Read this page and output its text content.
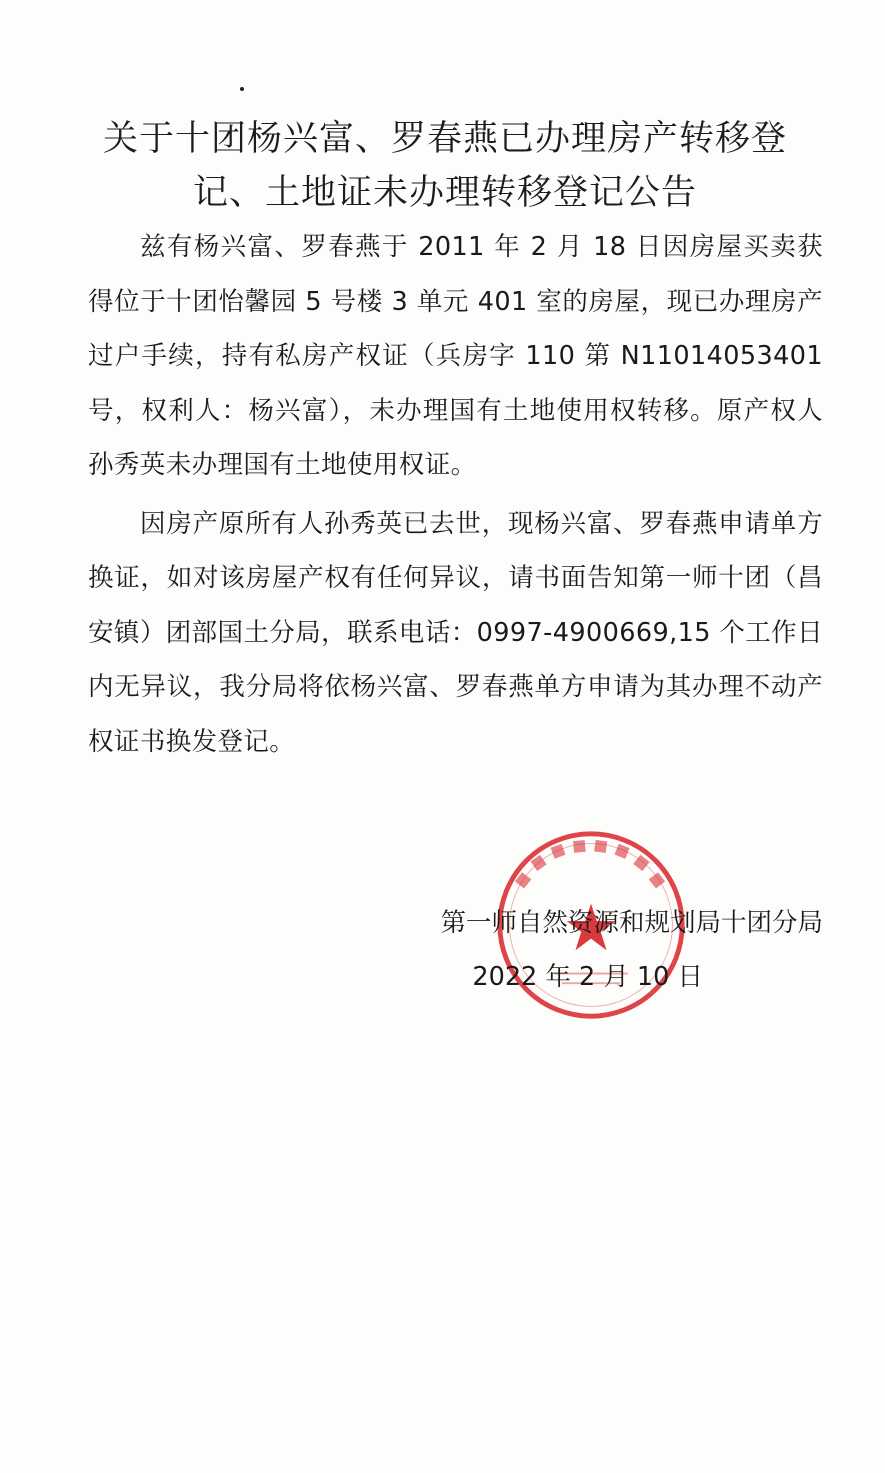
关于十团杨兴富、罗春燕已办理房产转移登
记、土地证未办理转移登记公告

兹有杨兴富、罗春燕于 2011 年 2 月 18 日因房屋买卖获得位于十团怡馨园 5 号楼 3 单元 401 室的房屋，现已办理房产过户手续，持有私房产权证（兵房字 110 第 N11014053401 号，权利人：杨兴富），未办理国有土地使用权转移。原产权人孙秀英未办理国有土地使用权证。

因房产原所有人孙秀英已去世，现杨兴富、罗春燕申请单方换证，如对该房屋产权有任何异议，请书面告知第一师十团（昌安镇）团部国土分局，联系电话：0997-4900669,15 个工作日内无异议，我分局将依杨兴富、罗春燕单方申请为其办理不动产权证书换发登记。

第一师自然资源和规划局十团分局
2022 年 2 月 10 日
